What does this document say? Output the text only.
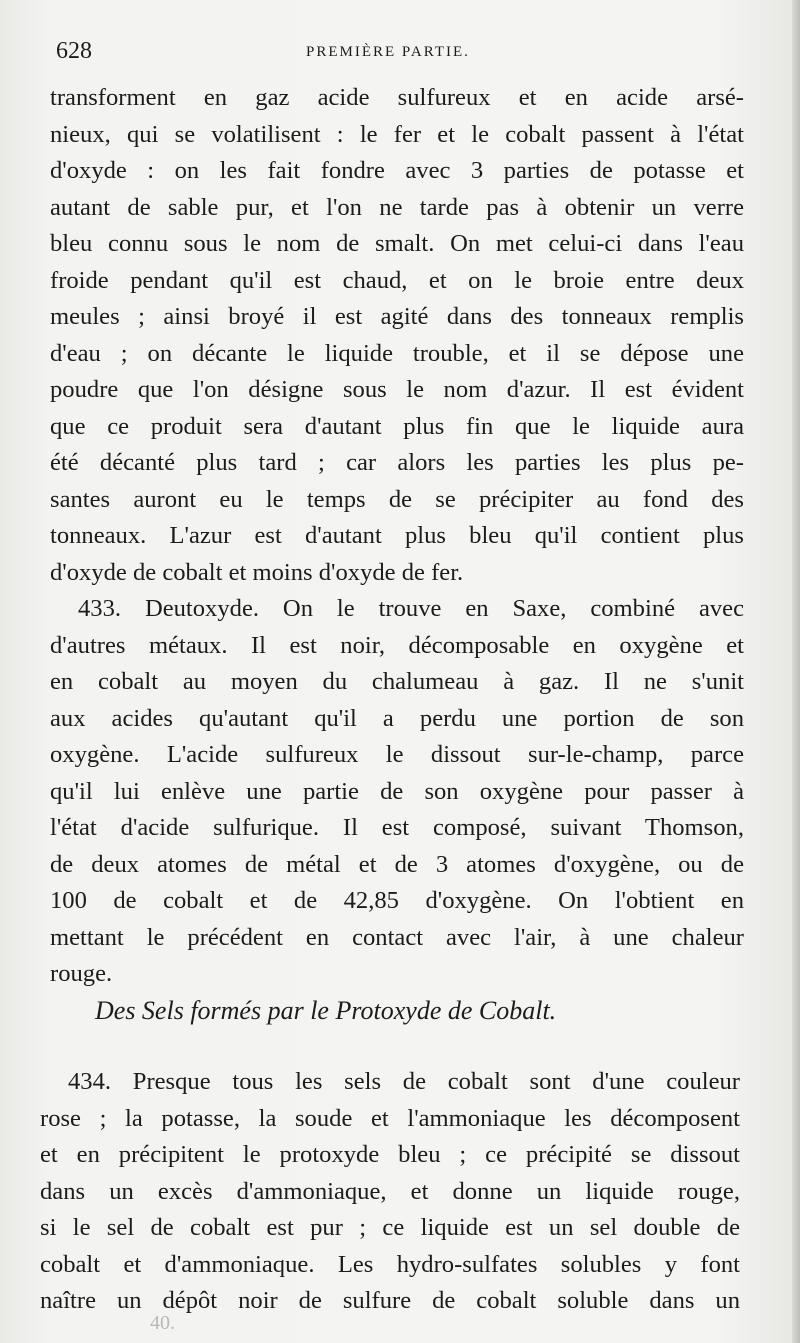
628	PREMIÈRE PARTIE.
transforment en gaz acide sulfureux et en acide arsé-
nieux, qui se volatilisent : le fer et le cobalt passent à l'état
d'oxyde : on les fait fondre avec 3 parties de potasse et
autant de sable pur, et l'on ne tarde pas à obtenir un verre
bleu connu sous le nom de smalt. On met celui-ci dans l'eau
froide pendant qu'il est chaud, et on le broie entre deux
meules ; ainsi broyé il est agité dans des tonneaux remplis
d'eau ; on décante le liquide trouble, et il se dépose une
poudre que l'on désigne sous le nom d'azur. Il est évident
que ce produit sera d'autant plus fin que le liquide aura
été décanté plus tard ; car alors les parties les plus pe-
santes auront eu le temps de se précipiter au fond des
tonneaux. L'azur est d'autant plus bleu qu'il contient plus
d'oxyde de cobalt et moins d'oxyde de fer.
433. Deutoxyde. On le trouve en Saxe, combiné avec
d'autres métaux. Il est noir, décomposable en oxygène et
en cobalt au moyen du chalumeau à gaz. Il ne s'unit
aux acides qu'autant qu'il a perdu une portion de son
oxygène. L'acide sulfureux le dissout sur-le-champ, parce
qu'il lui enlève une partie de son oxygène pour passer à
l'état d'acide sulfurique. Il est composé, suivant Thomson,
de deux atomes de métal et de 3 atomes d'oxygène, ou de
100 de cobalt et de 42,85 d'oxygène. On l'obtient en
mettant le précédent en contact avec l'air, à une chaleur
rouge.
Des Sels formés par le Protoxyde de Cobalt.
434. Presque tous les sels de cobalt sont d'une couleur
rose ; la potasse, la soude et l'ammoniaque les décomposent
et en précipitent le protoxyde bleu ; ce précipité se dissout
dans un excès d'ammoniaque, et donne un liquide rouge,
si le sel de cobalt est pur ; ce liquide est un sel double de
cobalt et d'ammoniaque. Les hydro-sulfates solubles y font
naître un dépôt noir de sulfure de cobalt soluble dans un
40.
